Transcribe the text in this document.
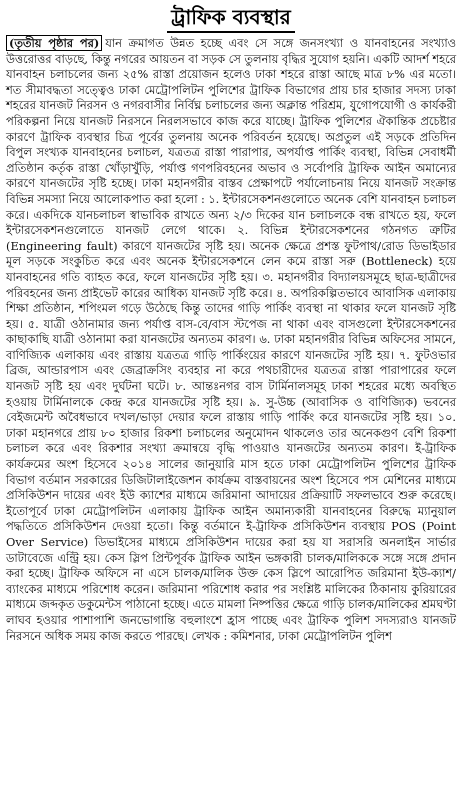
ট্রাফিক ব্যবস্থার

(তৃতীয় পৃষ্ঠার পর) যান ক্রমাগত উন্নত হচ্ছে এবং সে সঙ্গে জনসংখ্যা ও যানবাহনের সংখ্যাও উত্তরোত্তর বাড়ছে, কিন্তু নগরের আয়তন বা সড়ক সে তুলনায় বৃদ্ধির সুযোগ হয়নি। একটি আদর্শ শহরে যানবাহন চলাচলের জন্য ২৫% রাস্তা প্রয়োজন হলেও ঢাকা শহরে রাস্তা আছে মাত্র ৮% এর মতো। শত সীমাবদ্ধতা সত্ত্বেও ঢাকা মেট্রোপলিটন পুলিশের ট্রাফিক বিভাগের প্রায় চার হাজার সদস্য ঢাকা শহরের যানজট নিরসন ও নগরবাসীর নির্বিঘ্ন চলাচলের জন্য অক্লান্ত পরিশ্রম, যুগোপযোগী ও কার্যকরী পরিকল্পনা নিয়ে যানজট নিরসনে নিরলসভাবে কাজ করে যাচ্ছে। ট্রাফিক পুলিশের ঐকান্তিক প্রচেষ্টার কারণে ট্রাফিক ব্যবস্থার চিত্র পূর্বের তুলনায় অনেক পরিবর্তন হয়েছে। অপ্রতুল এই সড়কে প্রতিদিন বিপুল সংখ্যক যানবাহনের চলাচল, যত্রতত্র রাস্তা পারাপার, অপর্যাপ্ত পার্কিং ব্যবস্থা, বিভিন্ন সেবাধর্মী প্রতিষ্ঠান কর্তৃক রাস্তা খোঁড়াখুঁড়ি, পর্যাপ্ত গণপরিবহনের অভাব ও সর্বোপরি ট্রাফিক আইন অমান্যের কারণে যানজটের সৃষ্টি হচ্ছে। ঢাকা মহানগরীর বাস্তব প্রেক্ষাপটে পর্যালোচনায় নিয়ে যানজট সংক্রান্ত বিভিন্ন সমস্যা নিয়ে আলোকপাত করা হলো : ১. ইন্টারসেকশনগুলোতে অনেক বেশি যানবাহন চলাচল করে। একদিকে যানচলাচল স্বাভাবিক রাখতে অন্য ২/৩ দিকের যান চলাচলকে বন্ধ রাখতে হয়, ফলে ইন্টারসেকশনগুলোতে যানজট লেগে থাকে। ২. বিভিন্ন ইন্টারসেকশনের গঠনগত ত্রুটির (Engineering fault) কারণে যানজটের সৃষ্টি হয়। অনেক ক্ষেত্রে প্রশস্ত ফুটপাথ/রোড ডিভাইডার মূল সড়কে সংকুচিত করে এবং অনেক ইন্টারসেকশনে লেন কমে রাস্তা সরু (Bottleneck) হয়ে যানবাহনের গতি ব্যাহত করে, ফলে যানজটের সৃষ্টি হয়। ৩. মহানগরীর বিদ্যালয়সমূহে ছাত্র-ছাত্রীদের পরিবহনের জন্য প্রাইভেট কারের আধিক্য যানজট সৃষ্টি করে। ৪. অপরিকল্পিতভাবে আবাসিক এলাকায় শিক্ষা প্রতিষ্ঠান, শপিংমল গড়ে উঠেছে কিন্তু তাদের গাড়ি পার্কিং ব্যবস্থা না থাকার ফলে যানজট সৃষ্টি হয়। ৫. যাত্রী ওঠানামার জন্য পর্যাপ্ত বাস-বে/বাস স্টপেজ না থাকা এবং বাসগুলো ইন্টারসেকশনের কাছাকাছি যাত্রী ওঠানামা করা যানজটের অন্যতম কারণ। ৬. ঢাকা মহানগরীর বিভিন্ন অফিসের সামনে, বাণিজ্যিক এলাকায় এবং রাস্তায় যত্রতত্র গাড়ি পার্কিংয়ের কারণে যানজটের সৃষ্টি হয়। ৭. ফুটওভার ব্রিজ, আন্ডারপাস এবং জেব্রাক্রসিং ব্যবহার না করে পথচারীদের যত্রতত্র রাস্তা পারাপারের ফলে যানজট সৃষ্টি হয় এবং দুর্ঘটনা ঘটে। ৮. আন্তঃনগর বাস টার্মিনালসমূহ ঢাকা শহরের মধ্যে অবস্থিত হওয়ায় টার্মিনালকে কেন্দ্র করে যানজটের সৃষ্টি হয়। ৯. সু-উচ্চ (আবাসিক ও বাণিজ্যিক) ভবনের বেইজমেন্ট অবৈধভাবে দখল/ভাড়া দেয়ার ফলে রাস্তায় গাড়ি পার্কিং করে যানজটের সৃষ্টি হয়। ১০. ঢাকা মহানগরে প্রায় ৮০ হাজার রিকশা চলাচলের অনুমোদন থাকলেও তার অনেকগুণ বেশি রিকশা চলাচল করে এবং রিকশার সংখ্যা ক্রমান্বয়ে বৃদ্ধি পাওয়াও যানজটের অন্যতম কারণ। ই-ট্রাফিক কার্যক্রমের অংশ হিসেবে ২০১৪ সালের জানুয়ারি মাস হতে ঢাকা মেট্রোপলিটন পুলিশের ট্রাফিক বিভাগ বর্তমান সরকারের ডিজিটালাইজেশন কার্যক্রম বাস্তবায়নের অংশ হিসেবে পস মেশিনের মাধ্যমে প্রসিকিউশন দায়ের এবং ইউ ক্যাশের মাধ্যমে জরিমানা আদায়ের প্রক্রিয়াটি সফলভাবে শুরু করেছে। ইতোপূর্বে ঢাকা মেট্রোপলিটন এলাকায় ট্রাফিক আইন অমান্যকারী যানবাহনের বিরুদ্ধে ম্যানুয়াল পদ্ধতিতে প্রসিকিউশন দেওয়া হতো। কিন্তু বর্তমানে ই-ট্রাফিক প্রসিকিউশন ব্যবস্থায় POS (Point Over Service) ডিভাইসের মাধ্যমে প্রসিকিউশন দায়ের করা হয় যা সরাসরি অনলাইন সার্ভার ডাটাবেজে এন্ট্রি হয়। কেস স্লিপ প্রিন্টপূর্বক ট্রাফিক আইন ভঙ্গকারী চালক/মালিককে সঙ্গে সঙ্গে প্রদান করা হচ্ছে। ট্রাফিক অফিসে না এসে চালক/মালিক উক্ত কেস স্লিপে আরোপিত জরিমানা ইউ-ক্যাশ/ ব্যাংকের মাধ্যমে পরিশোধ করেন। জরিমানা পরিশোধ করার পর সংশ্লিষ্ট মালিকের ঠিকানায় কুরিয়ারের মাধ্যমে জব্দকৃত ডকুমেন্টস পাঠানো হচ্ছে। এতে মামলা নিষ্পত্তির ক্ষেত্রে গাড়ি চালক/মালিকের শ্রমঘণ্টা লাঘব হওয়ার পাশাপাশি জনভোগান্তি বহুলাংশে হ্রাস পাচ্ছে এবং ট্রাফিক পুলিশ সদস্যরাও যানজট নিরসনে অধিক সময় কাজ করতে পারছে। লেখক : কমিশনার, ঢাকা মেট্রোপলিটন পুলিশ
